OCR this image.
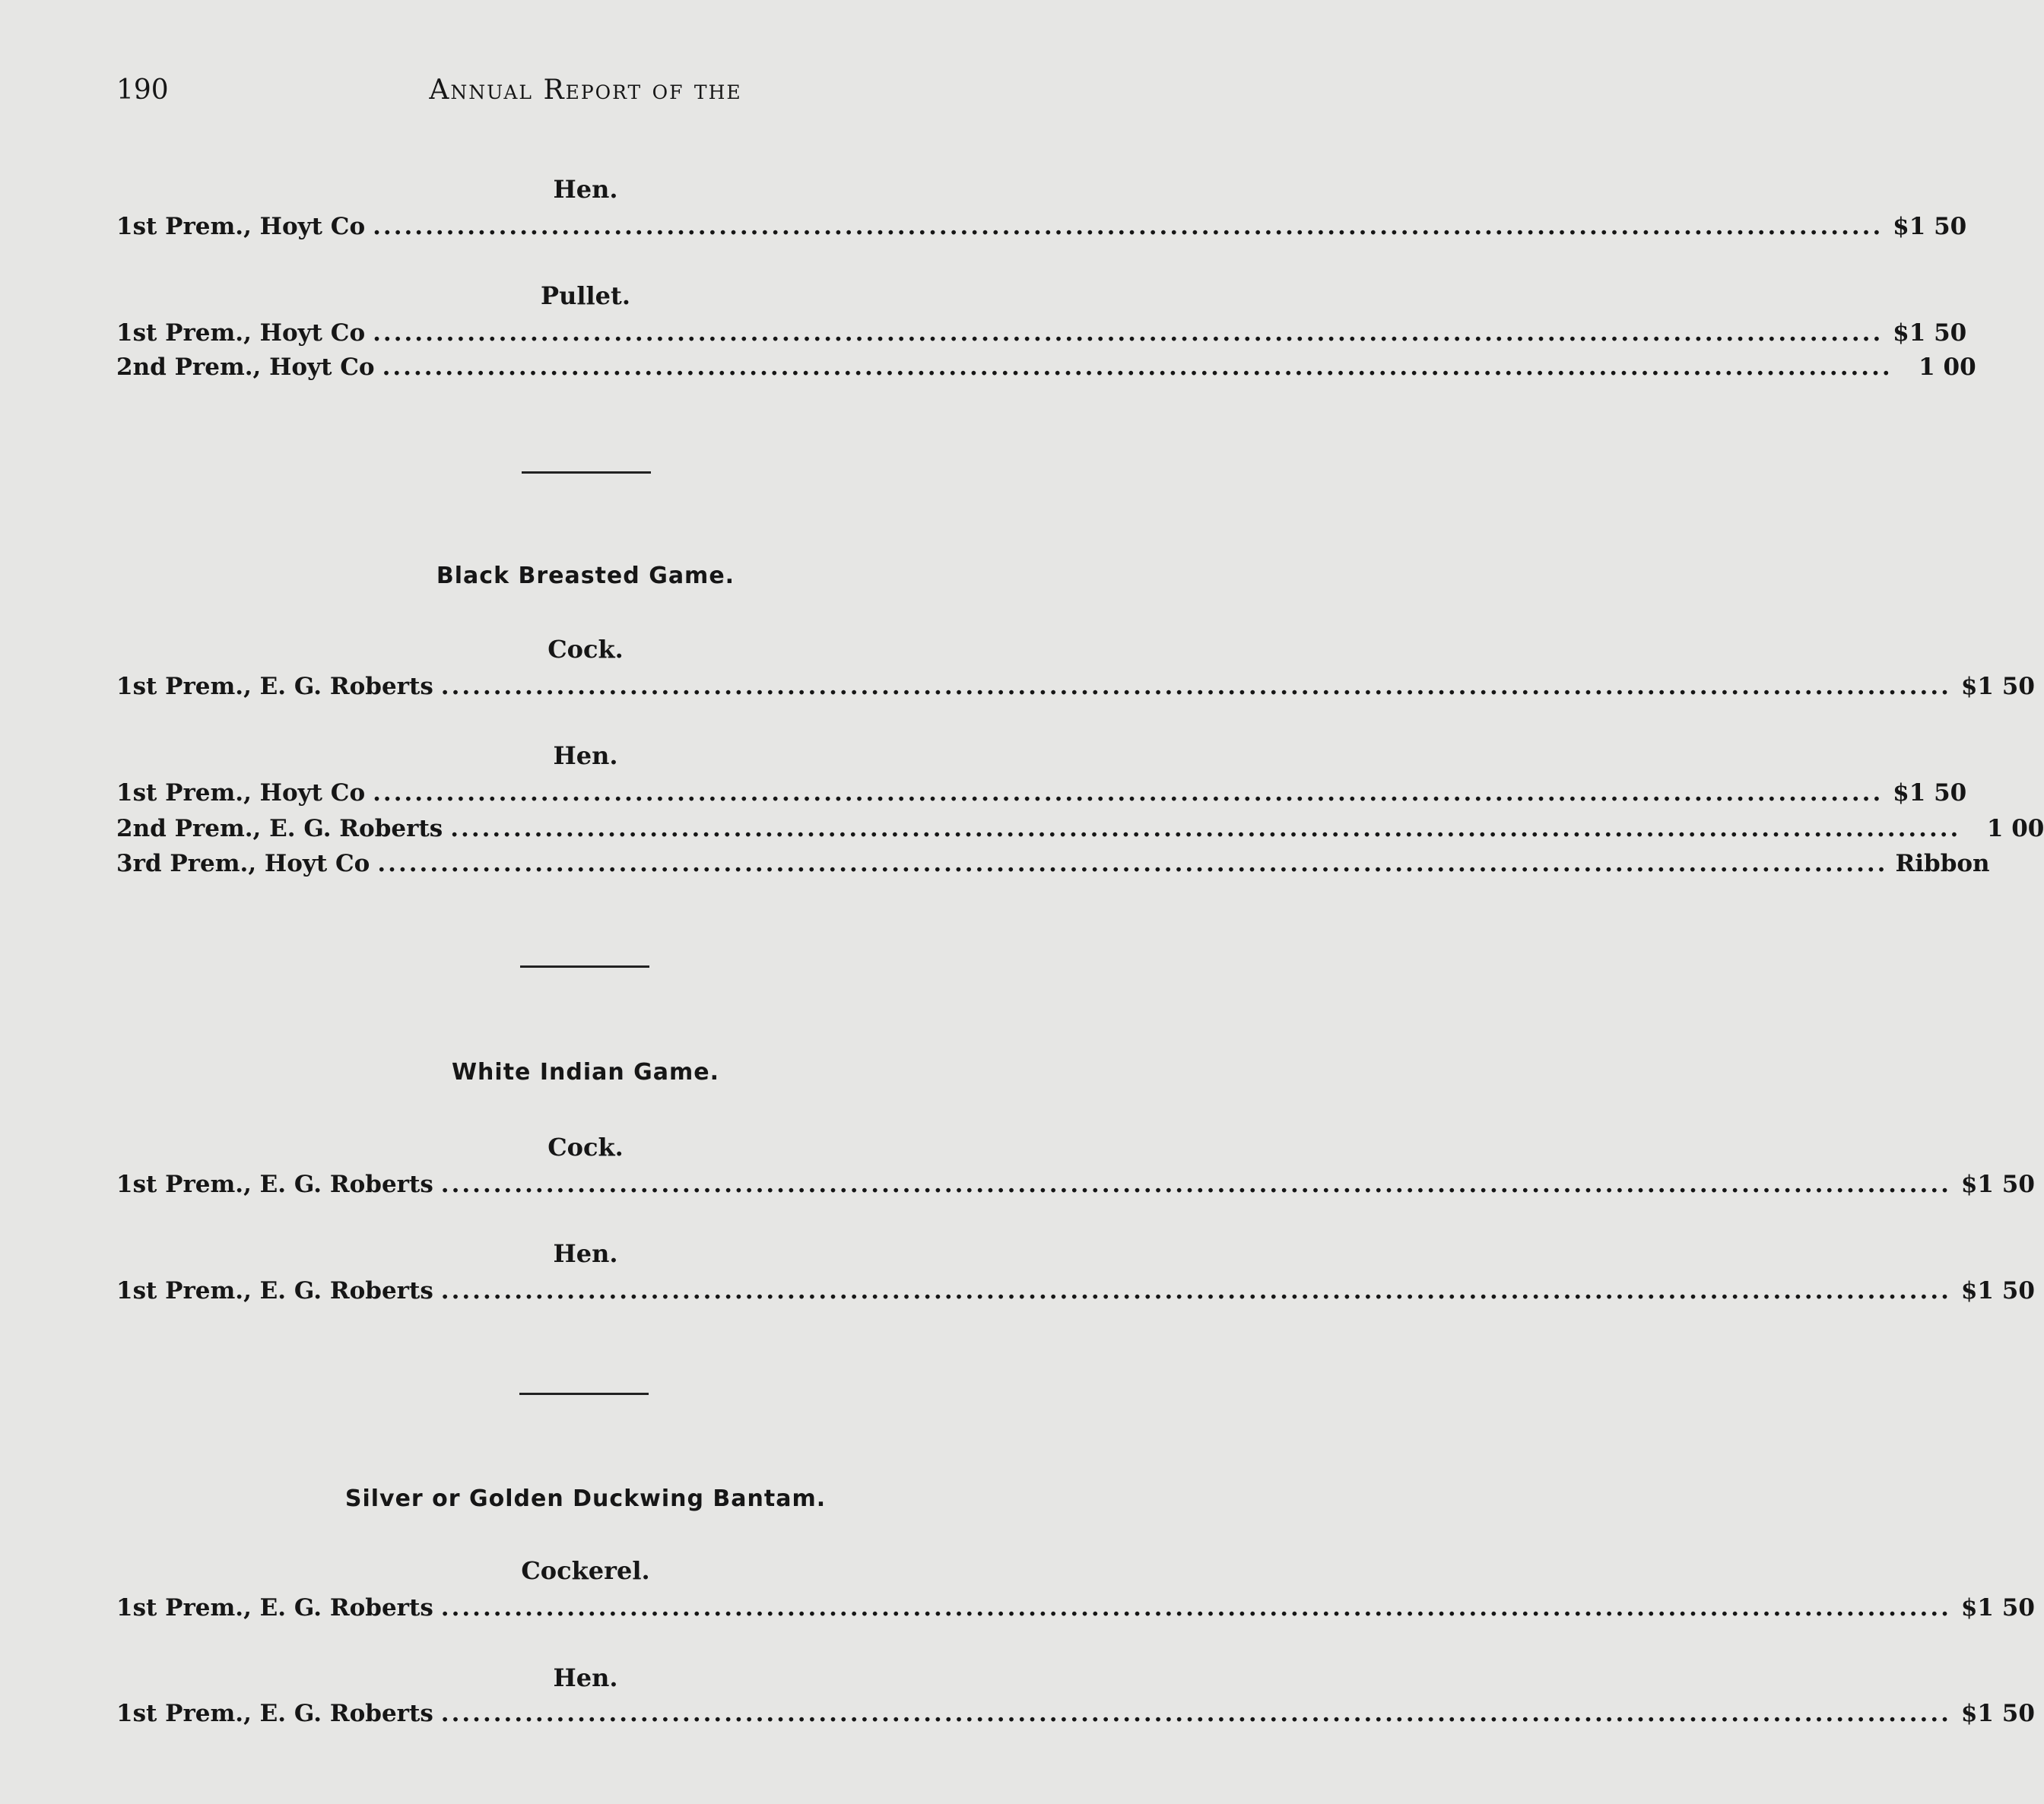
190	Annual Report of the
Hen.
1st Prem., Hoyt Co ................................................................................................................................................ $1 50
Pullet.
1st Prem., Hoyt Co ................................................................................................................................................ $1 50
2nd Prem., Hoyt Co ................................................................................................................................................	1 00
Black Breasted Game.
Cock.
1st Prem., E. G. Roberts ................................................................................................................................................ $1 50
Hen.
1st Prem., Hoyt Co ................................................................................................................................................ $1 50
2nd Prem., E. G. Roberts ................................................................................................................................................	1 00
3rd Prem., Hoyt Co ................................................................................................................................................ Ribbon
White Indian Game.
Cock.
1st Prem., E. G. Roberts ................................................................................................................................................ $1 50
Hen.
1st Prem., E. G. Roberts ................................................................................................................................................ $1 50
Silver or Golden Duckwing Bantam.
Cockerel.
1st Prem., E. G. Roberts ................................................................................................................................................ $1 50
Hen.
1st Prem., E. G. Roberts ................................................................................................................................................ $1 50
